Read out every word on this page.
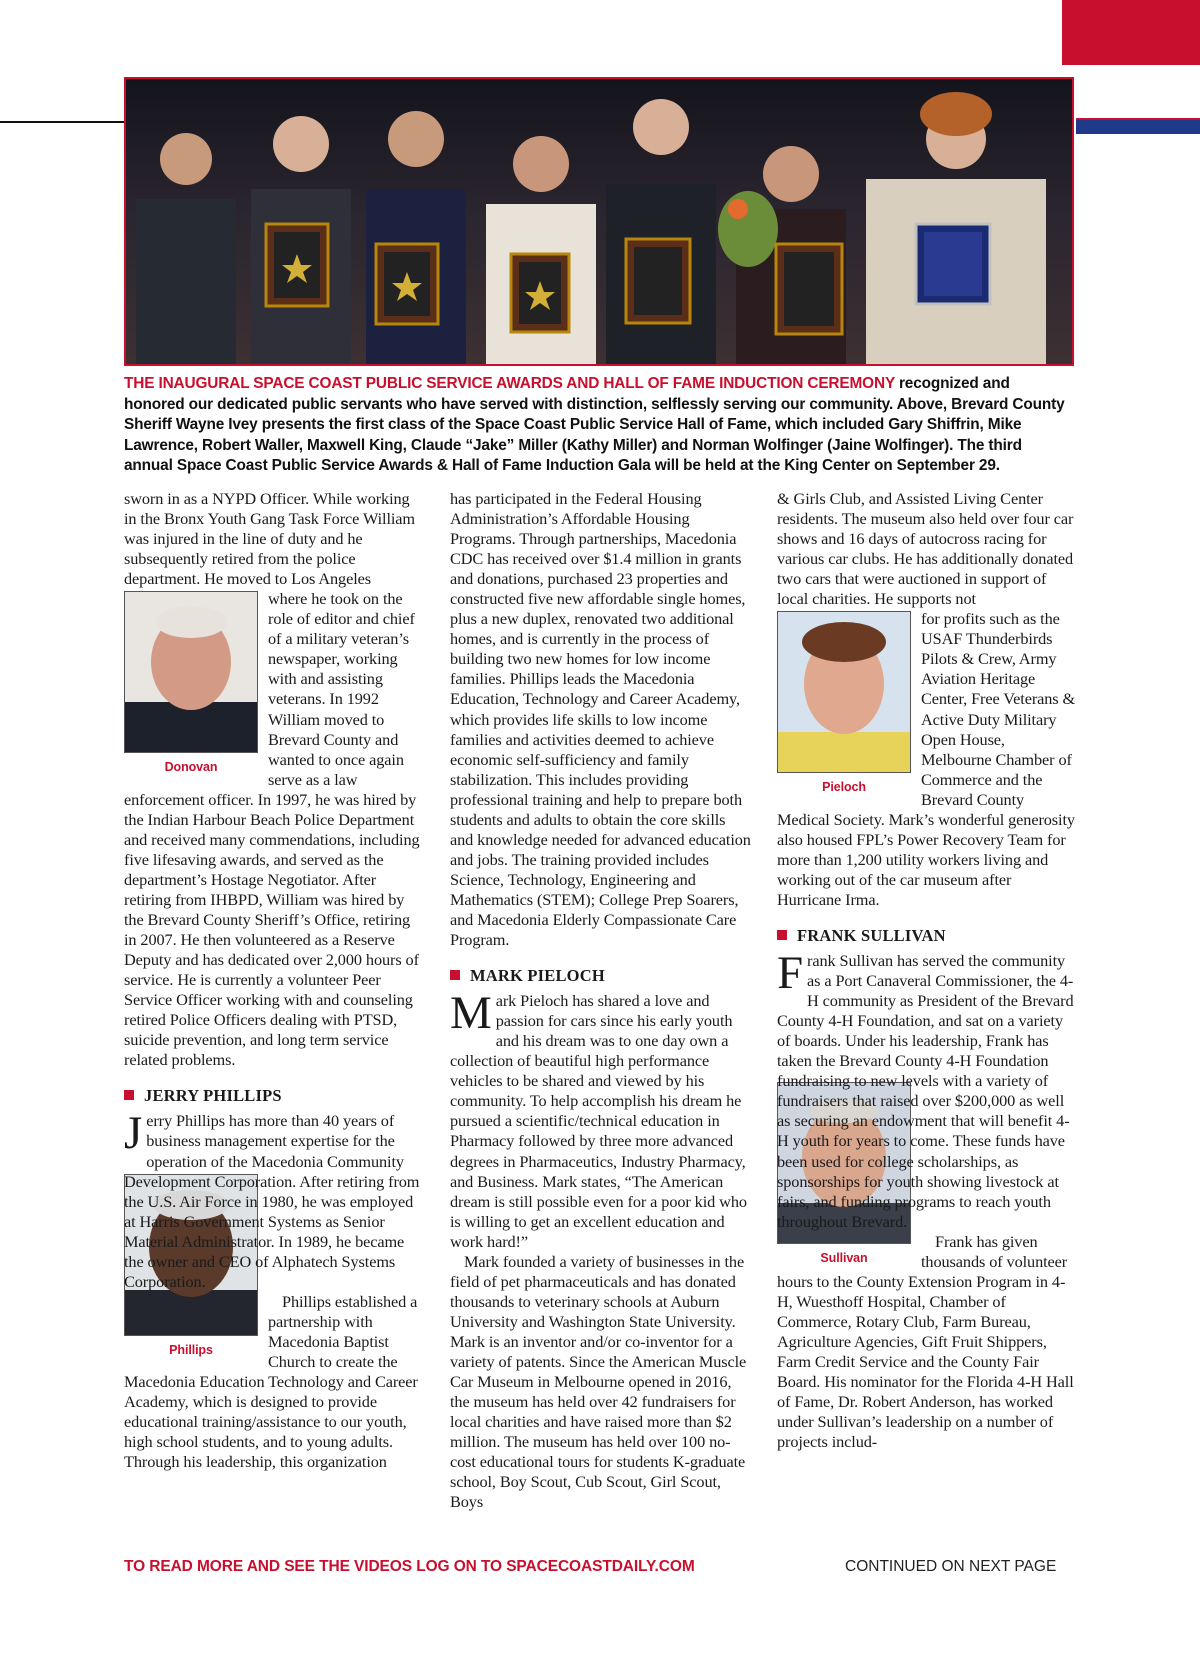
THE INAUGURAL SPACE COAST PUBLIC SERVICE AWARDS AND HALL OF FAME INDUCTION CEREMONY recognized and honored our dedicated public servants who have served with distinction, selflessly serving our community. Above, Brevard County Sheriff Wayne Ivey presents the first class of the Space Coast Public Service Hall of Fame, which included Gary Shiffrin, Mike Lawrence, Robert Waller, Maxwell King, Claude “Jake” Miller (Kathy Miller) and Norman Wolfinger (Jaine Wolfinger). The third annual Space Coast Public Service Awards & Hall of Fame Induction Gala will be held at the King Center on September 29.

sworn in as a NYPD Officer. While working in the Bronx Youth Gang Task Force William was injured in the line of duty and he subsequently retired from the police department. He moved to Los Angeles

Donovan

where he took on the role of editor and chief of a military veteran’s newspaper, working with and assisting veterans. In 1992 William moved to Brevard County and wanted to once again serve as a law enforcement officer. In 1997, he was hired by the Indian Harbour Beach Police Department and received many commendations, including five lifesaving awards, and served as the department’s Hostage Negotiator. After retiring from IHBPD, William was hired by the Brevard County Sheriff’s Office, retiring in 2007. He then volunteered as a Reserve Deputy and has dedicated over 2,000 hours of service. He is currently a volunteer Peer Service Officer working with and counseling retired Police Officers dealing with PTSD, suicide prevention, and long term service related problems.

JERRY PHILLIPS

Jerry Phillips has more than 40 years of business management expertise for the operation of the Macedonia Community Development Corporation. After retiring from the U.S. Air Force in 1980, he was employed at Harris Government Systems as Senior Material Administrator. In 1989, he became the owner and CEO of Alphatech Systems Corporation.

Phillips

Phillips established a partnership with Macedonia Baptist Church to create the Macedonia Education Technology and Career Academy, which is designed to provide educational training/assistance to our youth, high school students, and to young adults. Through his leadership, this organization

has participated in the Federal Housing Administration’s Affordable Housing Programs. Through partnerships, Macedonia CDC has received over $1.4 million in grants and donations, purchased 23 properties and constructed five new affordable single homes, plus a new duplex, renovated two additional homes, and is currently in the process of building two new homes for low income families. Phillips leads the Macedonia Education, Technology and Career Academy, which provides life skills to low income families and activities deemed to achieve economic self-sufficiency and family stabilization. This includes providing professional training and help to prepare both students and adults to obtain the core skills and knowledge needed for advanced education and jobs. The training provided includes Science, Technology, Engineering and Mathematics (STEM); College Prep Soarers, and Macedonia Elderly Compassionate Care Program.

MARK PIELOCH

Mark Pieloch has shared a love and passion for cars since his early youth and his dream was to one day own a collection of beautiful high performance vehicles to be shared and viewed by his community. To help accomplish his dream he pursued a scientific/technical education in Pharmacy followed by three more advanced degrees in Pharmaceutics, Industry Pharmacy, and Business. Mark states, “The American dream is still possible even for a poor kid who is willing to get an excellent education and work hard!”

Mark founded a variety of businesses in the field of pet pharmaceuticals and has donated thousands to veterinary schools at Auburn University and Washington State University. Mark is an inventor and/or co-inventor for a variety of patents. Since the American Muscle Car Museum in Melbourne opened in 2016, the museum has held over 42 fundraisers for local charities and have raised more than $2 million. The museum has held over 100 no-cost educational tours for students K-graduate school, Boy Scout, Cub Scout, Girl Scout, Boys

& Girls Club, and Assisted Living Center residents. The museum also held over four car shows and 16 days of autocross racing for various car clubs. He has additionally donated two cars that were auctioned in support of local charities. He supports not

Pieloch

for profits such as the USAF Thunderbirds Pilots & Crew, Army Aviation Heritage Center, Free Veterans & Active Duty Military Open House, Melbourne Chamber of Commerce and the Brevard County Medical Society. Mark’s wonderful generosity also housed FPL’s Power Recovery Team for more than 1,200 utility workers living and working out of the car museum after Hurricane Irma.

FRANK SULLIVAN

Frank Sullivan has served the community as a Port Canaveral Commissioner, the 4-H community as President of the Brevard County 4-H Foundation, and sat on a variety of boards. Under his leadership, Frank has taken the Brevard County 4-H Foundation fundraising to new levels with a variety of fundraisers that raised over $200,000 as well as securing an endowment that will benefit 4-H youth for years to come. These funds have been used for college scholarships, as sponsorships for youth showing livestock at fairs, and funding programs to reach youth throughout Brevard.

Sullivan

Frank has given thousands of volunteer hours to the County Extension Program in 4-H, Wuesthoff Hospital, Chamber of Commerce, Rotary Club, Farm Bureau, Agriculture Agencies, Gift Fruit Shippers, Farm Credit Service and the County Fair Board. His nominator for the Florida 4-H Hall of Fame, Dr. Robert Anderson, has worked under Sullivan’s leadership on a number of projects includ-

TO READ MORE AND SEE THE VIDEOS LOG ON TO SPACECOASTDAILY.COM	CONTINUED ON NEXT PAGE
